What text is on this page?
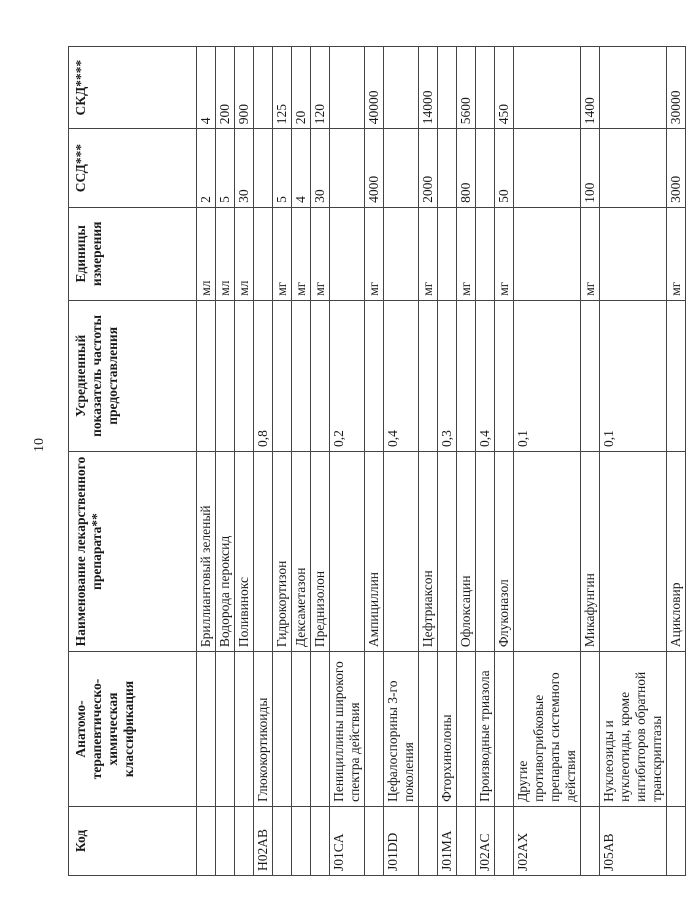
10
Код	Анатомо-терапевтическо-химическая классификация	Наименование лекарственного препарата**	Усредненный показатель частоты предоставления	Единицы измерения	ССД***	СКД****
		Бриллиантовый зеленый		мл	2	4
		Водорода пероксид		мл	5	200
		Поливинокс		мл	30	900
H02AB	Глюкокортикоиды		0,8			
		Гидрокортизон		мг	5	125
		Дексаметазон		мг	4	20
		Преднизолон		мг	30	120
J01CA	Пенициллины широкого спектра действия		0,2			
		Ампициллин		мг	4000	40000
J01DD	Цефалоспорины 3-го поколения		0,4			
		Цефтриаксон		мг	2000	14000
J01MA	Фторхинолоны		0,3			
		Офлоксацин		мг	800	5600
J02AC	Производные триазола		0,4			
		Флуконазол		мг	50	450
J02AX	Другие противогрибковые препараты системного действия		0,1			
		Микафунгин		мг	100	1400
J05AB	Нуклеозиды и нуклеотиды, кроме ингибиторов обратной транскриптазы		0,1			
		Ацикловир		мг	3000	30000
